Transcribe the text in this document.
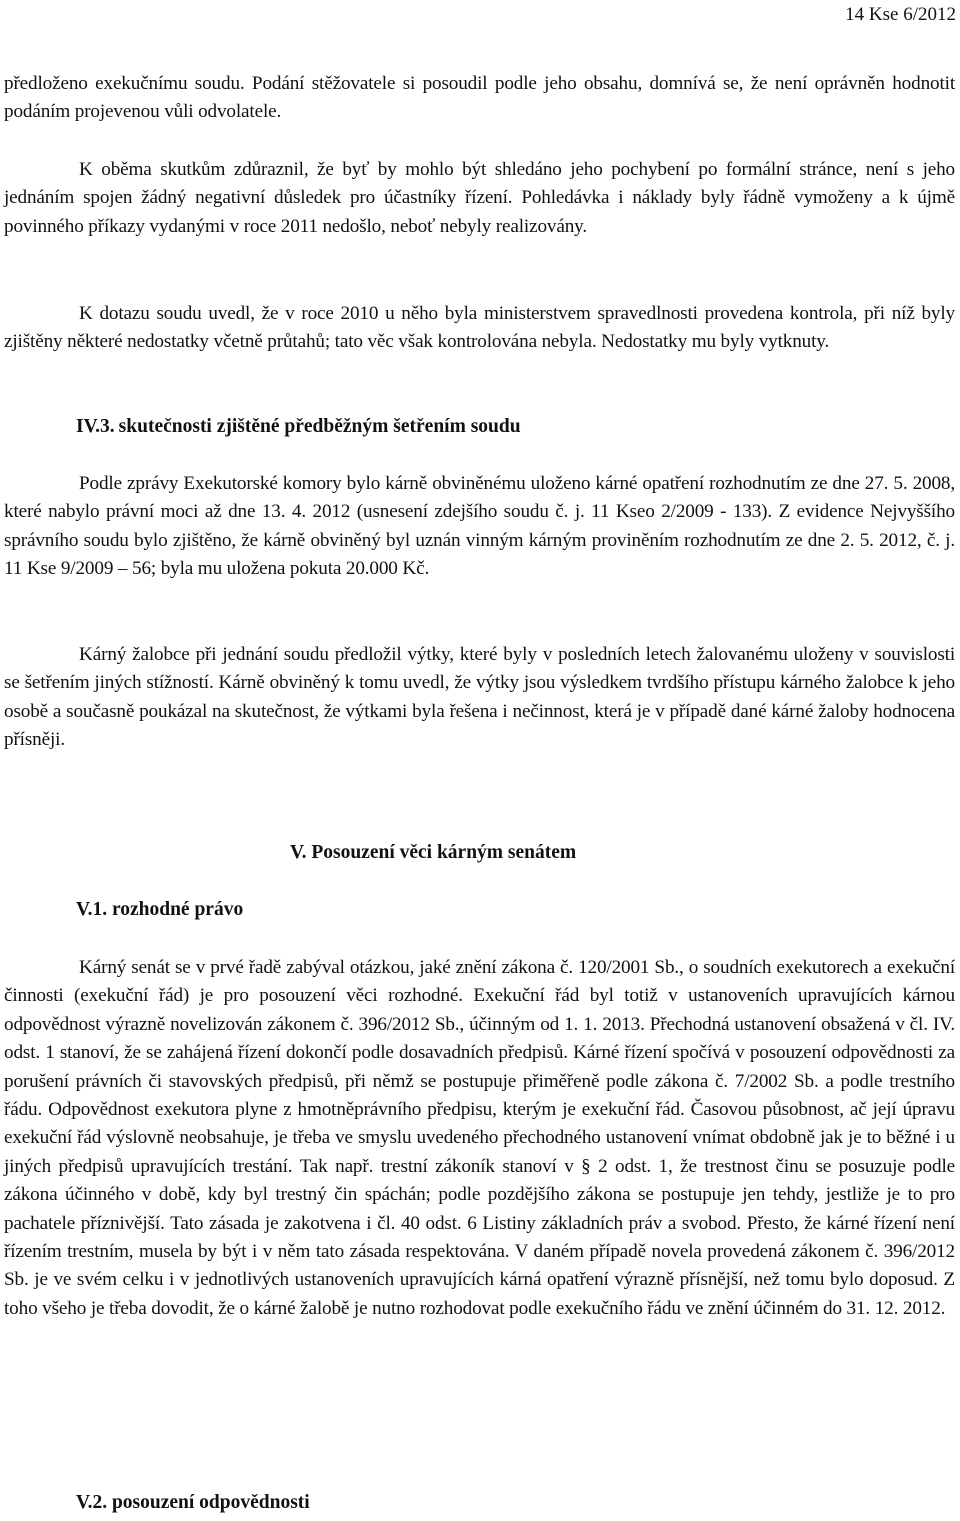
14 Kse 6/2012

předloženo exekučnímu soudu. Podání stěžovatele si posoudil podle jeho obsahu, domnívá se, že není oprávněn hodnotit podáním projevenou vůli odvolatele.

K oběma skutkům zdůraznil, že byť by mohlo být shledáno jeho pochybení po formální stránce, není s jeho jednáním spojen žádný negativní důsledek pro účastníky řízení. Pohledávka i náklady byly řádně vymoženy a k újmě povinného příkazy vydanými v roce 2011 nedošlo, neboť nebyly realizovány.

K dotazu soudu uvedl, že v roce 2010 u něho byla ministerstvem spravedlnosti provedena kontrola, při níž byly zjištěny některé nedostatky včetně průtahů; tato věc však kontrolována nebyla. Nedostatky mu byly vytknuty.

IV.3. skutečnosti zjištěné předběžným šetřením soudu

Podle zprávy Exekutorské komory bylo kárně obviněnému uloženo kárné opatření rozhodnutím ze dne 27. 5. 2008, které nabylo právní moci až dne 13. 4. 2012 (usnesení zdejšího soudu č. j. 11 Kseo 2/2009 - 133). Z evidence Nejvyššího správního soudu bylo zjištěno, že kárně obviněný byl uznán vinným kárným proviněním rozhodnutím ze dne 2. 5. 2012, č. j. 11 Kse 9/2009 – 56; byla mu uložena pokuta 20.000 Kč.

Kárný žalobce při jednání soudu předložil výtky, které byly v posledních letech žalovanému uloženy v souvislosti se šetřením jiných stížností. Kárně obviněný k tomu uvedl, že výtky jsou výsledkem tvrdšího přístupu kárného žalobce k jeho osobě a současně poukázal na skutečnost, že výtkami byla řešena i nečinnost, která je v případě dané kárné žaloby hodnocena přísněji.

V. Posouzení věci kárným senátem
V.1. rozhodné právo

Kárný senát se v prvé řadě zabýval otázkou, jaké znění zákona č. 120/2001 Sb., o soudních exekutorech a exekuční činnosti (exekuční řád) je pro posouzení věci rozhodné. Exekuční řád byl totiž v ustanoveních upravujících kárnou odpovědnost výrazně novelizován zákonem č. 396/2012 Sb., účinným od 1. 1. 2013. Přechodná ustanovení obsažená v čl. IV. odst. 1 stanoví, že se zahájená řízení dokončí podle dosavadních předpisů. Kárné řízení spočívá v posouzení odpovědnosti za porušení právních či stavovských předpisů, při němž se postupuje přiměřeně podle zákona č. 7/2002 Sb. a podle trestního řádu. Odpovědnost exekutora plyne z hmotněprávního předpisu, kterým je exekuční řád. Časovou působnost, ač její úpravu exekuční řád výslovně neobsahuje, je třeba ve smyslu uvedeného přechodného ustanovení vnímat obdobně jak je to běžné i u jiných předpisů upravujících trestání. Tak např. trestní zákoník stanoví v § 2 odst. 1, že trestnost činu se posuzuje podle zákona účinného v době, kdy byl trestný čin spáchán; podle pozdějšího zákona se postupuje jen tehdy, jestliže je to pro pachatele příznivější. Tato zásada je zakotvena i čl. 40 odst. 6 Listiny základních práv a svobod. Přesto, že kárné řízení není řízením trestním, musela by být i v něm tato zásada respektována. V daném případě novela provedená zákonem č. 396/2012 Sb. je ve svém celku i v jednotlivých ustanoveních upravujících kárná opatření výrazně přísnější, než tomu bylo doposud. Z toho všeho je třeba dovodit, že o kárné žalobě je nutno rozhodovat podle exekučního řádu ve znění účinném do 31. 12. 2012.

V.2. posouzení odpovědnosti
